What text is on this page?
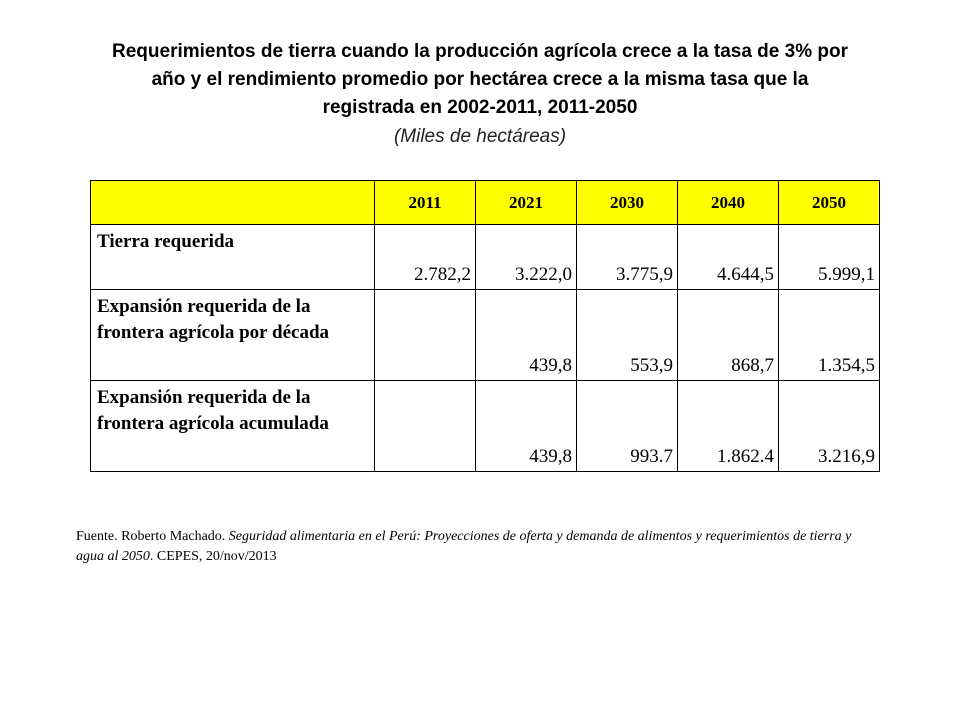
Requerimientos de tierra cuando la producción agrícola crece a la tasa de 3% por
año y el rendimiento promedio por hectárea crece a la misma tasa que la
registrada en 2002-2011, 2011-2050
(Miles de hectáreas)
	2011	2021	2030	2040	2050
Tierra requerida	2.782,2	3.222,0	3.775,9	4.644,5	5.999,1
Expansión requerida de la frontera agrícola por década		439,8	553,9	868,7	1.354,5
Expansión requerida de la frontera agrícola acumulada		439,8	993.7	1.862.4	3.216,9
Fuente. Roberto Machado. Seguridad alimentaria en el Perú: Proyecciones de oferta y demanda de alimentos y requerimientos de tierra y agua al 2050. CEPES, 20/nov/2013
